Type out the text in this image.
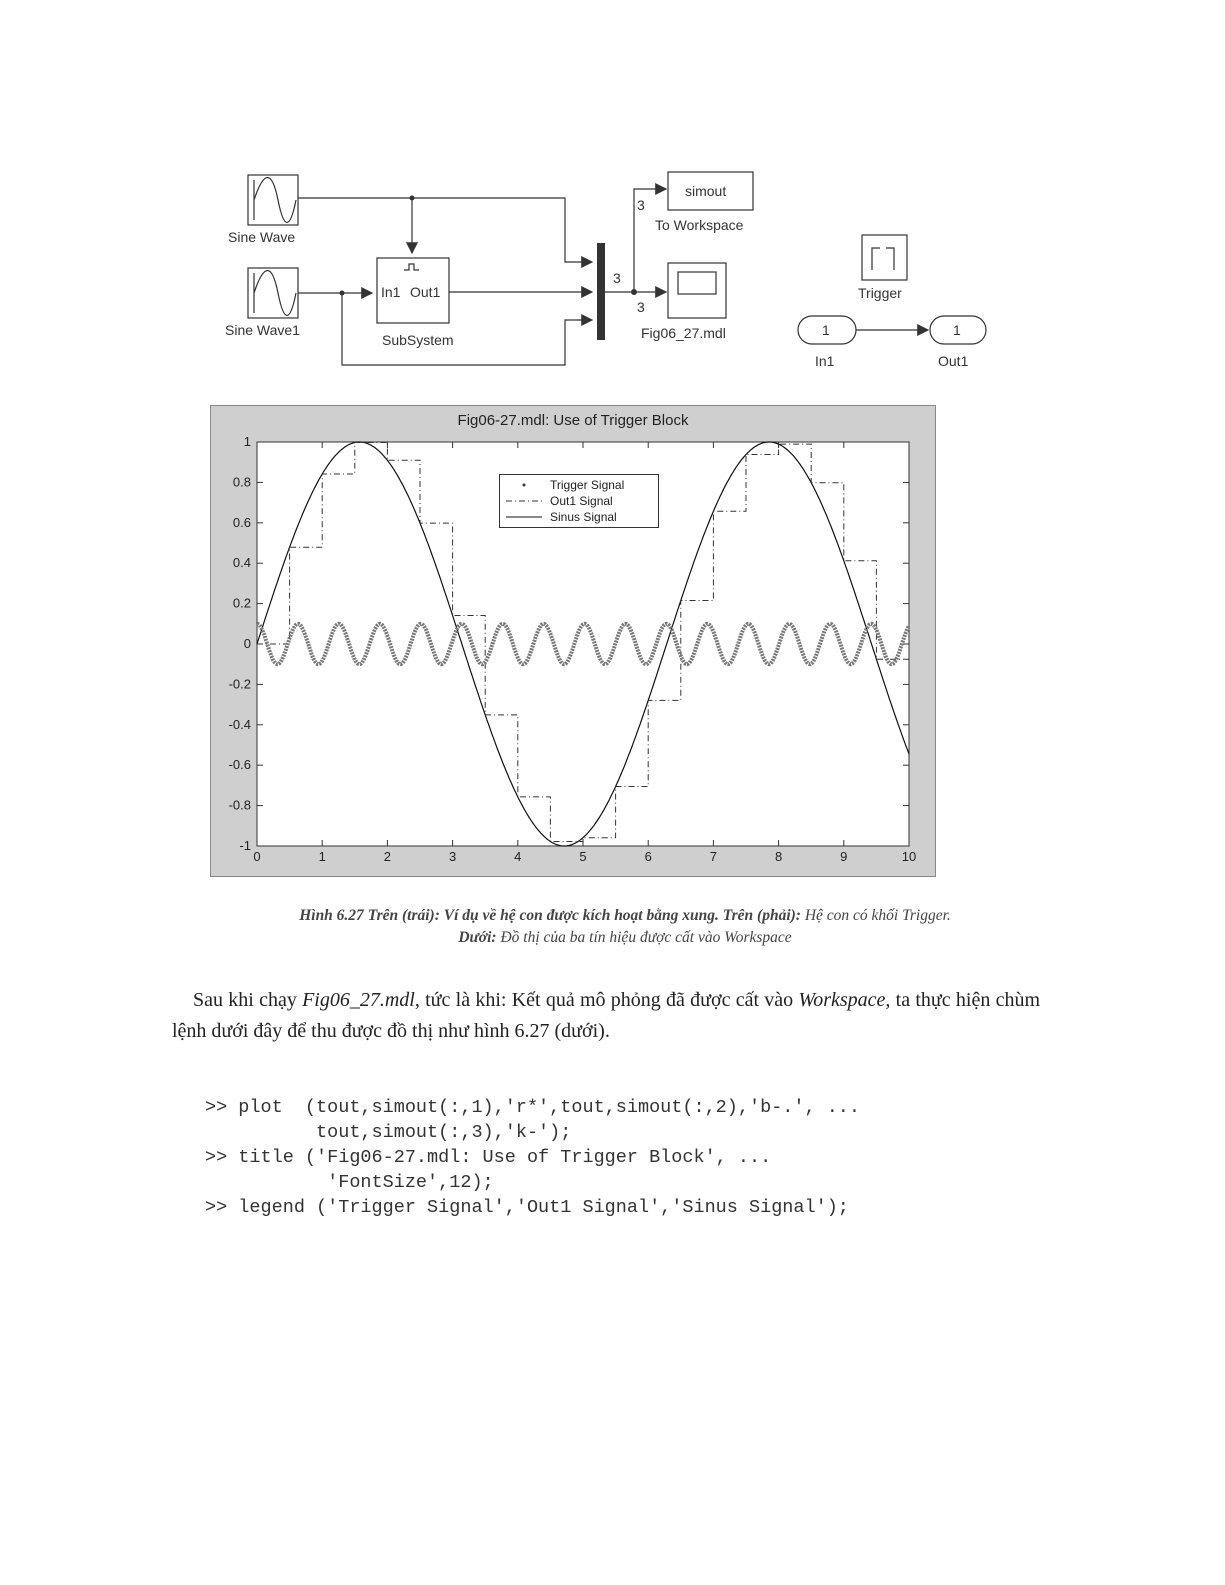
Sine Wave
Sine Wave1
In1 Out1
SubSystem
3
3
3
simout
To Workspace
Fig06_27.mdl
Trigger
1
In1
1
Out1
Fig06-27.mdl: Use of Trigger Block
0	1	2	3	4	5	6	7	8	9	10
1
0.8
0.6
0.4
0.2
0
-0.2
-0.4
-0.6
-0.8
-1
Trigger Signal
Out1 Signal
Sinus Signal
Hình 6.27 Trên (trái): Ví dụ về hệ con được kích hoạt bằng xung. Trên (phải): Hệ con có khối Trigger.
Dưới: Đồ thị của ba tín hiệu được cất vào Workspace
Sau khi chạy Fig06_27.mdl, tức là khi: Kết quả mô phỏng đã được cất vào Workspace, ta thực hiện chùm lệnh dưới đây để thu được đồ thị như hình 6.27 (dưới).
>> plot  (tout,simout(:,1),'r*',tout,simout(:,2),'b-.', ...
tout,simout(:,3),'k-');
>> title ('Fig06-27.mdl: Use of Trigger Block', ...
'FontSize',12);
>> legend ('Trigger Signal','Out1 Signal','Sinus Signal');
